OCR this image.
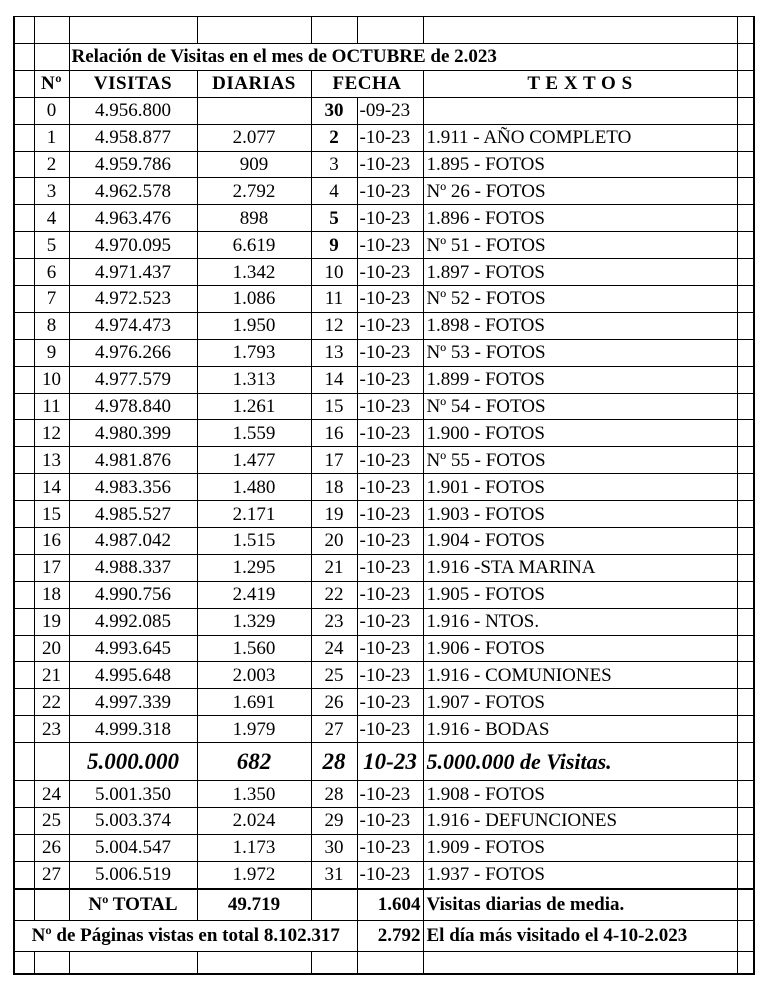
		Relación de Visitas en el mes de OCTUBRE de 2.023					
	Nº	VISITAS	DIARIAS	FECHA		T E X T O S	
	0	4.956.800		30	-09-23		
	1	4.958.877	2.077	2	-10-23	1.911 - AÑO COMPLETO	
	2	4.959.786	909	3	-10-23	1.895 - FOTOS	
	3	4.962.578	2.792	4	-10-23	Nº 26 - FOTOS	
	4	4.963.476	898	5	-10-23	1.896 - FOTOS	
	5	4.970.095	6.619	9	-10-23	Nº 51 - FOTOS	
	6	4.971.437	1.342	10	-10-23	1.897 - FOTOS	
	7	4.972.523	1.086	11	-10-23	Nº 52 - FOTOS	
	8	4.974.473	1.950	12	-10-23	1.898 - FOTOS	
	9	4.976.266	1.793	13	-10-23	Nº 53 - FOTOS	
	10	4.977.579	1.313	14	-10-23	1.899 - FOTOS	
	11	4.978.840	1.261	15	-10-23	Nº 54 - FOTOS	
	12	4.980.399	1.559	16	-10-23	1.900 - FOTOS	
	13	4.981.876	1.477	17	-10-23	Nº 55 - FOTOS	
	14	4.983.356	1.480	18	-10-23	1.901 - FOTOS	
	15	4.985.527	2.171	19	-10-23	1.903 - FOTOS	
	16	4.987.042	1.515	20	-10-23	1.904 - FOTOS	
	17	4.988.337	1.295	21	-10-23	1.916 -STA MARINA	
	18	4.990.756	2.419	22	-10-23	1.905 - FOTOS	
	19	4.992.085	1.329	23	-10-23	1.916 - NTOS.	
	20	4.993.645	1.560	24	-10-23	1.906 - FOTOS	
	21	4.995.648	2.003	25	-10-23	1.916 - COMUNIONES	
	22	4.997.339	1.691	26	-10-23	1.907 - FOTOS	
	23	4.999.318	1.979	27	-10-23	1.916 - BODAS	
		5.000.000	682	28	10-23	5.000.000 de Visitas.	
	24	5.001.350	1.350	28	-10-23	1.908 - FOTOS	
	25	5.003.374	2.024	29	-10-23	1.916 - DEFUNCIONES	
	26	5.004.547	1.173	30	-10-23	1.909 - FOTOS	
	27	5.006.519	1.972	31	-10-23	1.937 - FOTOS	
		Nº TOTAL	49.719		1.604	Visitas diarias de media.	
Nº de Páginas vistas en total 8.102.317					2.792	El día más visitado el 4-10-2.023	
